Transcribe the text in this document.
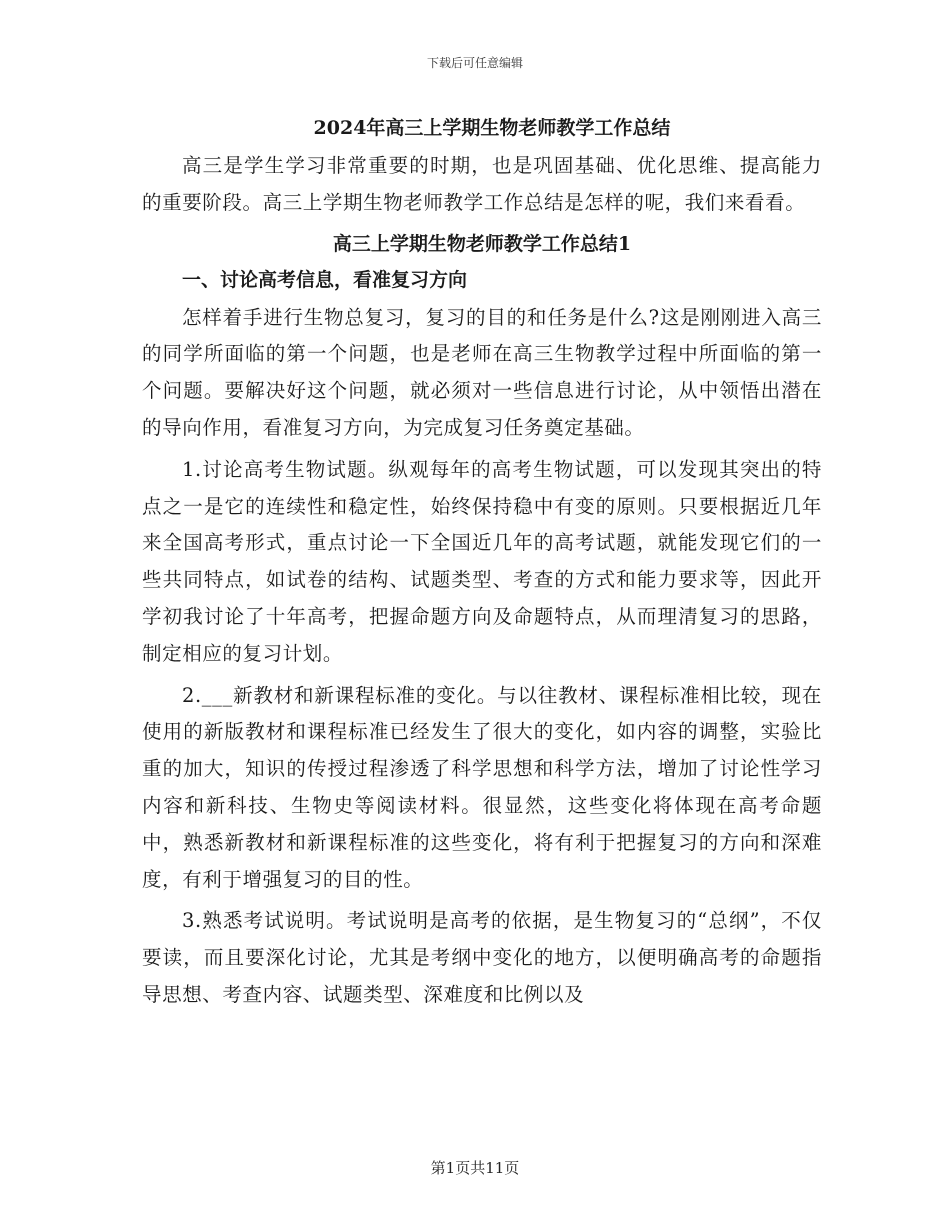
下载后可任意编辑
2024年高三上学期生物老师教学工作总结

高三是学生学习非常重要的时期，也是巩固基础、优化思维、提高能力的重要阶段。高三上学期生物老师教学工作总结是怎样的呢，我们来看看。

高三上学期生物老师教学工作总结1
一、讨论高考信息，看准复习方向

怎样着手进行生物总复习，复习的目的和任务是什么?这是刚刚进入高三的同学所面临的第一个问题，也是老师在高三生物教学过程中所面临的第一个问题。要解决好这个问题，就必须对一些信息进行讨论，从中领悟出潜在的导向作用，看准复习方向，为完成复习任务奠定基础。

1.讨论高考生物试题。纵观每年的高考生物试题，可以发现其突出的特点之一是它的连续性和稳定性，始终保持稳中有变的原则。只要根据近几年来全国高考形式，重点讨论一下全国近几年的高考试题，就能发现它们的一些共同特点，如试卷的结构、试题类型、考查的方式和能力要求等，因此开学初我讨论了十年高考，把握命题方向及命题特点，从而理清复习的思路，制定相应的复习计划。

2.___新教材和新课程标准的变化。与以往教材、课程标准相比较，现在使用的新版教材和课程标准已经发生了很大的变化，如内容的调整，实验比重的加大，知识的传授过程渗透了科学思想和科学方法，增加了讨论性学习内容和新科技、生物史等阅读材料。很显然，这些变化将体现在高考命题中，熟悉新教材和新课程标准的这些变化，将有利于把握复习的方向和深难度，有利于增强复习的目的性。

3.熟悉考试说明。考试说明是高考的依据，是生物复习的“总纲”，不仅要读，而且要深化讨论，尤其是考纲中变化的地方，以便明确高考的命题指导思想、考查内容、试题类型、深难度和比例以及

第1页共11页
